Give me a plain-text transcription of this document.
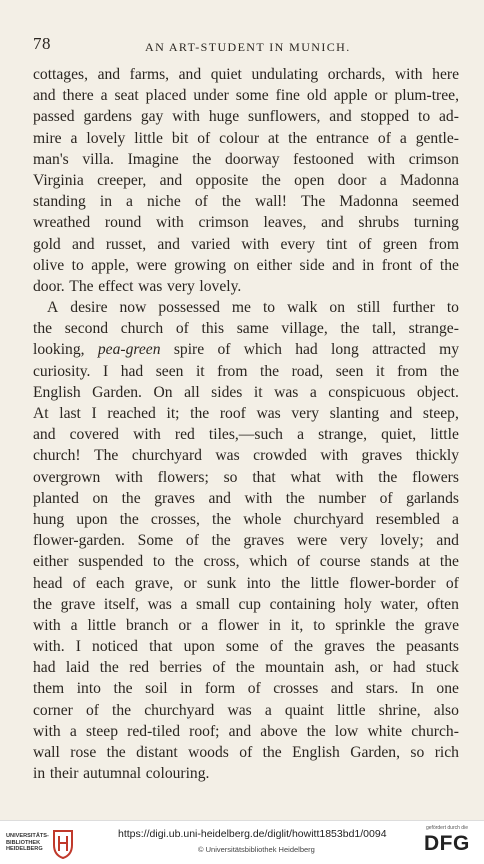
78	AN ART-STUDENT IN MUNICH.
cottages, and farms, and quiet undulating orchards, with here
and there a seat placed under some fine old apple or plum-tree,
passed gardens gay with huge sunflowers, and stopped to ad-
mire a lovely little bit of colour at the entrance of a gentle-
man's villa. Imagine the doorway festooned with crimson
Virginia creeper, and opposite the open door a Madonna
standing in a niche of the wall! The Madonna seemed
wreathed round with crimson leaves, and shrubs turning
gold and russet, and varied with every tint of green from
olive to apple, were growing on either side and in front of the
door. The effect was very lovely.
A desire now possessed me to walk on still further to
the second church of this same village, the tall, strange-
looking, pea-green spire of which had long attracted my
curiosity. I had seen it from the road, seen it from the
English Garden. On all sides it was a conspicuous object.
At last I reached it; the roof was very slanting and steep,
and covered with red tiles,—such a strange, quiet, little
church! The churchyard was crowded with graves thickly
overgrown with flowers; so that what with the flowers
planted on the graves and with the number of garlands
hung upon the crosses, the whole churchyard resembled a
flower-garden. Some of the graves were very lovely; and
either suspended to the cross, which of course stands at the
head of each grave, or sunk into the little flower-border of
the grave itself, was a small cup containing holy water, often
with a little branch or a flower in it, to sprinkle the grave
with. I noticed that upon some of the graves the peasants
had laid the red berries of the mountain ash, or had stuck
them into the soil in form of crosses and stars. In one
corner of the churchyard was a quaint little shrine, also
with a steep red-tiled roof; and above the low white church-
wall rose the distant woods of the English Garden, so rich
in their autumnal colouring.
UNIVERSITÄTS-
BIBLIOTHEK
HEIDELBERG
https://digi.ub.uni-heidelberg.de/diglit/howitt1853bd1/0094
© Universitätsbibliothek Heidelberg
gefördert durch die
DFG
